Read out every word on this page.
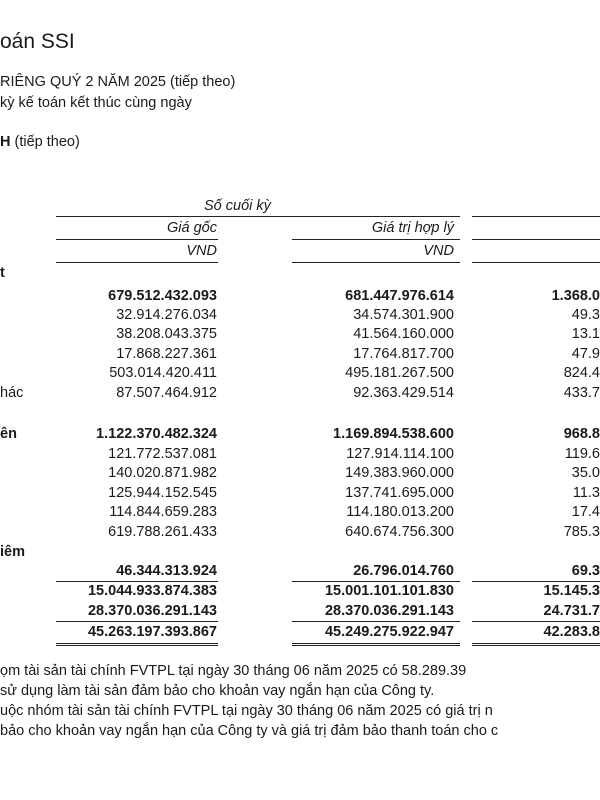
oán SSI
RIÊNG QUÝ 2 NĂM 2025 (tiếp theo)
kỳ kế toán kết thúc cùng ngày
H (tiếp theo)
Số cuối kỳ
Giá gốc	Giá trị hợp lý
VND	VND
t
679.512.432.093	681.447.976.614	1.368.0
32.914.276.034	34.574.301.900	49.3
38.208.043.375	41.564.160.000	13.1
17.868.227.361	17.764.817.700	47.9
503.014.420.411	495.181.267.500	824.4
hác	87.507.464.912	92.363.429.514	433.7
ên	1.122.370.482.324	1.169.894.538.600	968.8
121.772.537.081	127.914.114.100	119.6
140.020.871.982	149.383.960.000	35.0
125.944.152.545	137.741.695.000	11.3
114.844.659.283	114.180.013.200	17.4
619.788.261.433	640.674.756.300	785.3
iêm
46.344.313.924	26.796.014.760	69.3
15.044.933.874.383	15.001.101.101.830	15.145.3
28.370.036.291.143	28.370.036.291.143	24.731.7
45.263.197.393.867	45.249.275.922.947	42.283.8
ọm tài sản tài chính FVTPL tại ngày 30 tháng 06 năm 2025 có 58.289.39
sử dụng làm tài sản đảm bảo cho khoản vay ngắn hạn của Công ty.
uộc nhóm tài sản tài chính FVTPL tại ngày 30 tháng 06 năm 2025 có giá trị n
bảo cho khoản vay ngắn hạn của Công ty và giá trị đảm bảo thanh toán cho c
